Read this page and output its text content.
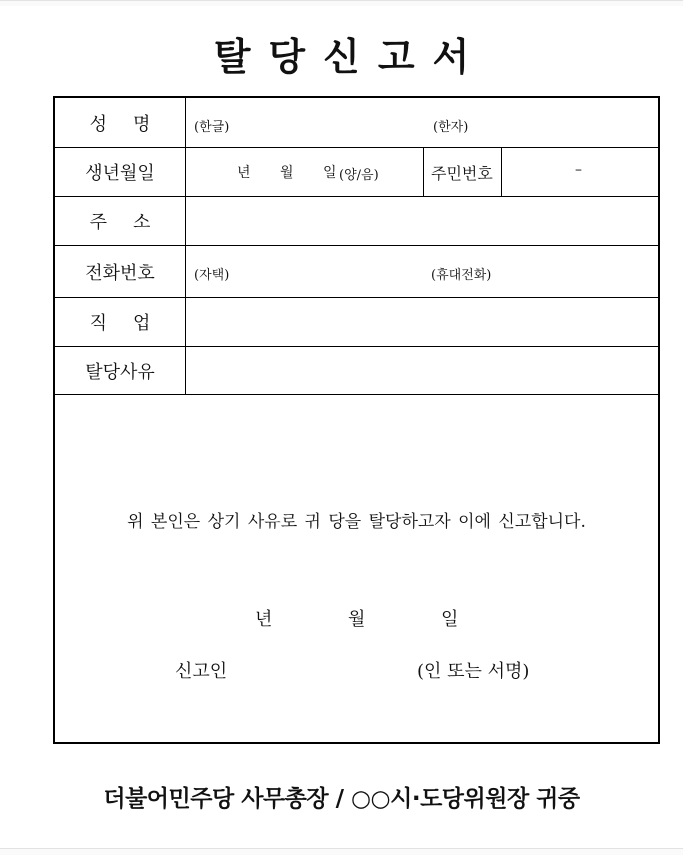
탈당신고서
성명	(한글)	(한자)
생년월일	년 월 일 (양/음)	주민번호	–
주소
전화번호	(자택)	(휴대전화)
직업
탈당사유
위 본인은 상기 사유로 귀 당을 탈당하고자 이에 신고합니다.
년	월	일
신고인	(인 또는 서명)
더불어민주당 사무총장 / ○○시·도당위원장 귀중
